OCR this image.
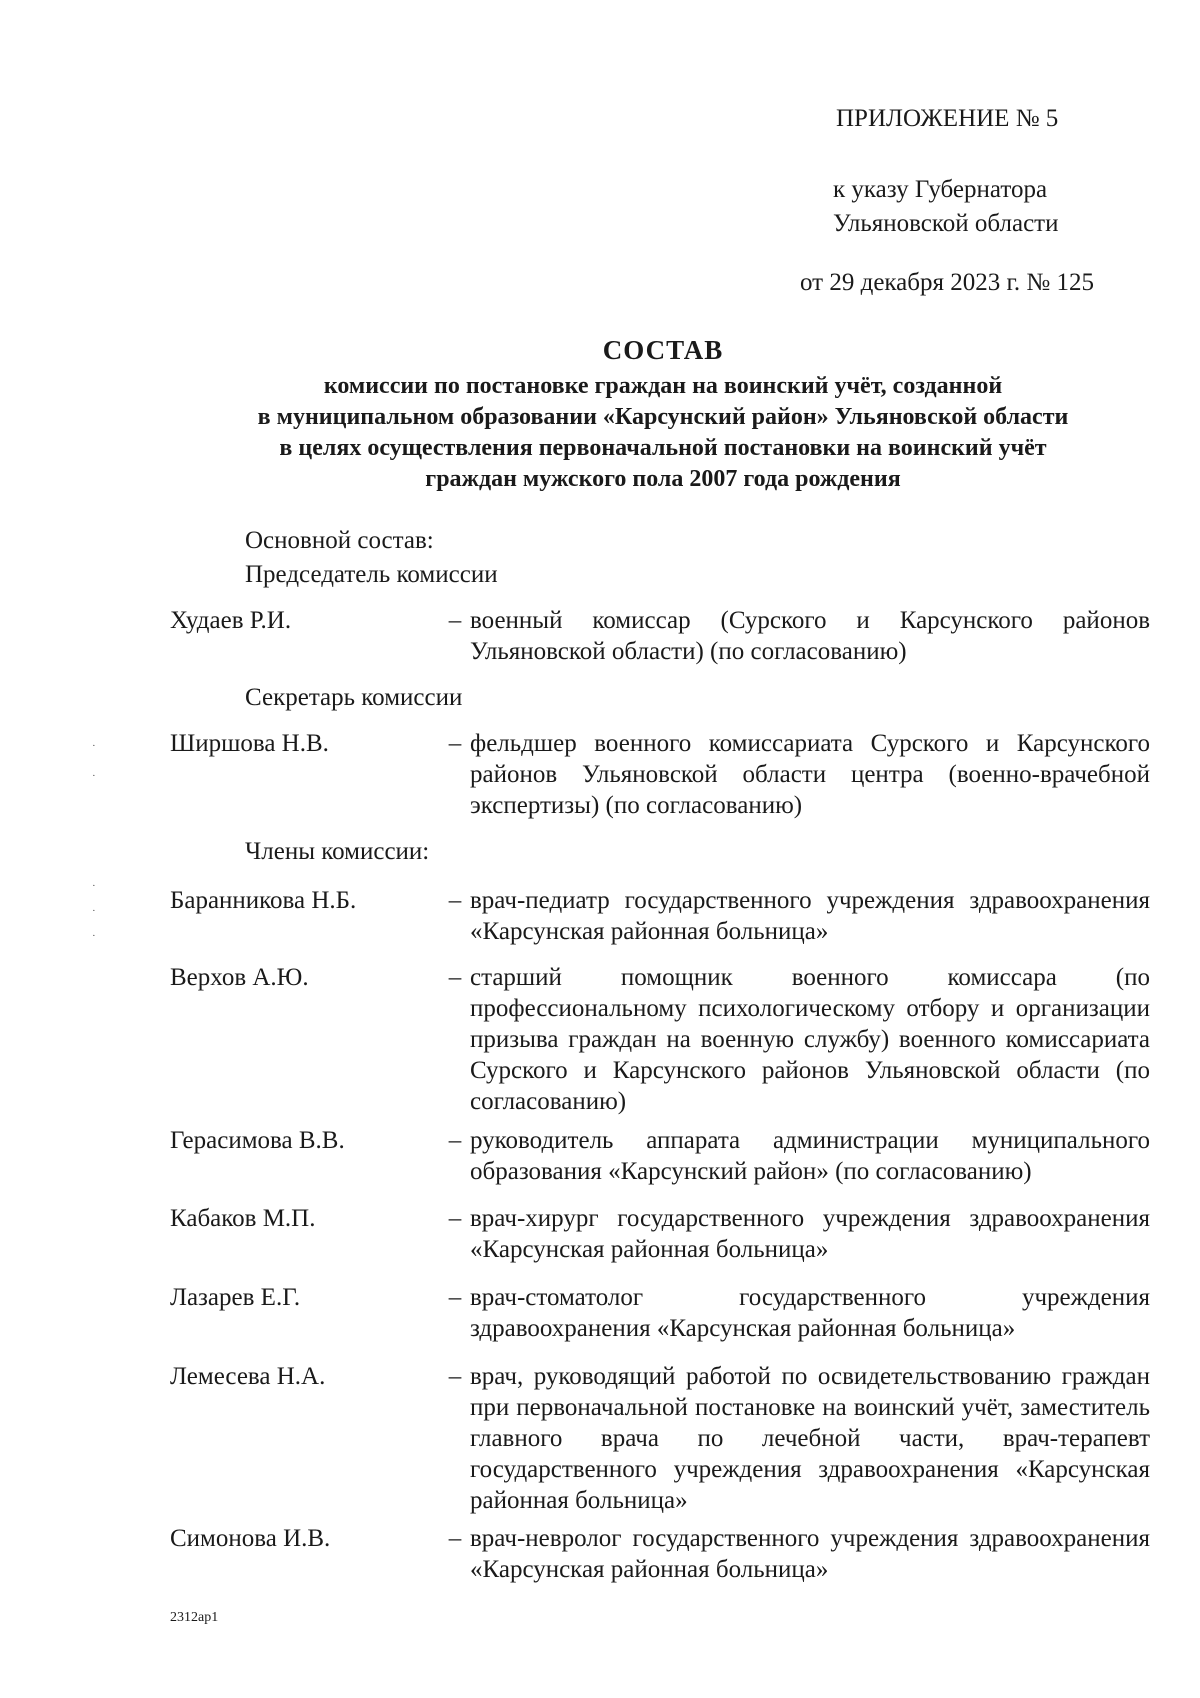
ПРИЛОЖЕНИЕ № 5
к указу Губернатора
Ульяновской области
от 29 декабря 2023 г. № 125
СОСТАВ
комиссии по постановке граждан на воинский учёт, созданной
в муниципальном образовании «Карсунский район» Ульяновской области
в целях осуществления первоначальной постановки на воинский учёт
граждан мужского пола 2007 года рождения
Основной состав:
Председатель комиссии
Худаев Р.И.	– военный комиссар (Сурского и Карсунского районов Ульяновской области) (по согласованию)
Секретарь комиссии
Ширшова Н.В.	– фельдшер военного комиссариата Сурского и Карсунского районов Ульяновской области центра (военно-врачебной экспертизы) (по согласованию)
Члены комиссии:
Баранникова Н.Б.	– врач-педиатр государственного учреждения здравоохранения «Карсунская районная больница»
Верхов А.Ю.	– старший помощник военного комиссара (по профессиональному психологическому отбору и организации призыва граждан на военную службу) военного комиссариата Сурского и Карсунского районов Ульяновской области (по согласованию)
Герасимова В.В.	– руководитель аппарата администрации муниципального образования «Карсунский район» (по согласованию)
Кабаков М.П.	– врач-хирург государственного учреждения здравоохранения «Карсунская районная больница»
Лазарев Е.Г.	– врач-стоматолог государственного учреждения здравоохранения «Карсунская районная больница»
Лемесева Н.А.	– врач, руководящий работой по освидетельствованию граждан при первоначальной постановке на воинский учёт, заместитель главного врача по лечебной части, врач-терапевт государственного учреждения здравоохранения «Карсунская районная больница»
Симонова И.В.	– врач-невролог государственного учреждения здравоохранения «Карсунская районная больница»
2312ap1
·
·
·
·
·
